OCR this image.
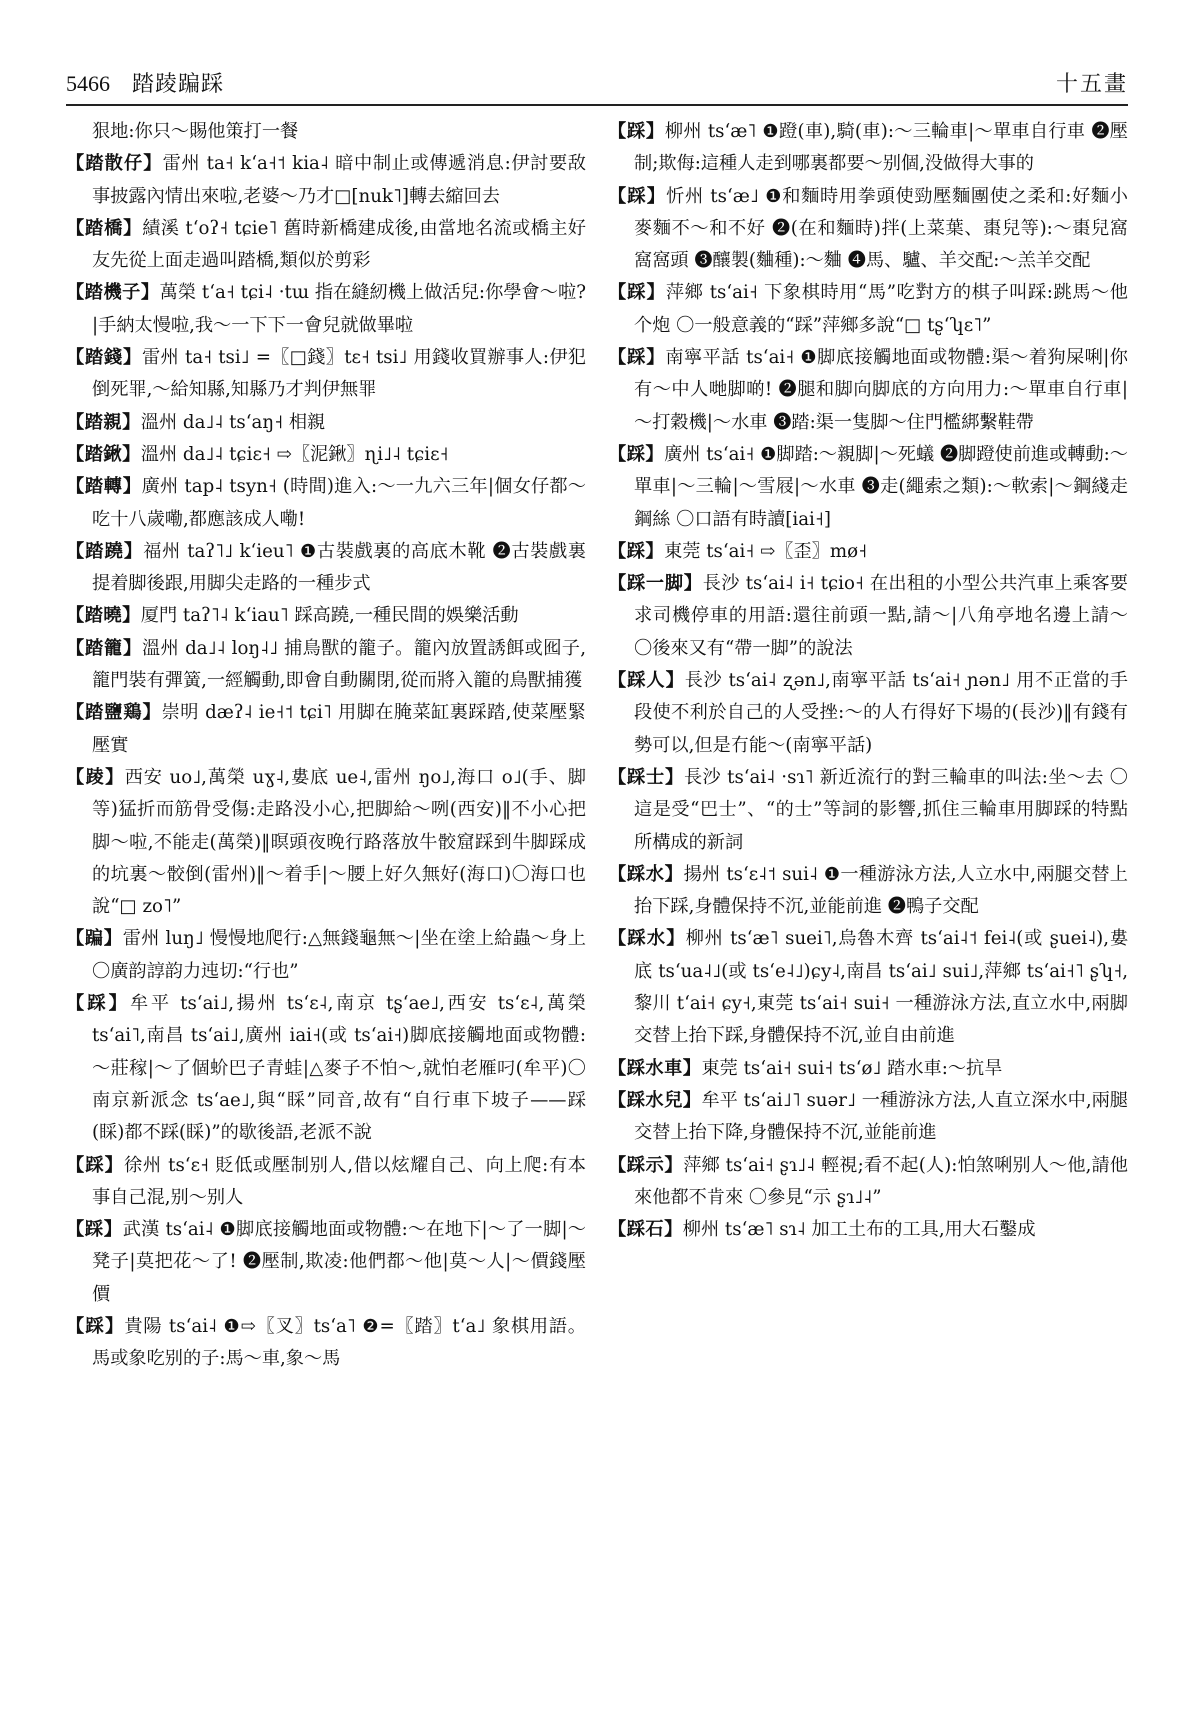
5466 踏踜蹁踩	十五畫

狠地:你只～賜他策打一餐

【踏散仔】雷州 ta˧ kʻa˧˦ kia˨ 暗中制止或傳遞消息:伊討要敌事披露內情出來啦,老婆～乃才□[nuk˥]轉去縮回去

【踏橋】績溪 tʻoʔ˧ tɕie˥ 舊時新橋建成後,由當地名流或橋主好友先從上面走過叫踏橋,類似於剪彩

【踏機子】萬榮 tʻa˧ tɕi˨ ·tɯ 指在縫紉機上做活兒:你學會～啦?|手納太慢啦,我～一下下一會兒就做畢啦

【踏錢】雷州 ta˧ tsi˩ =〖□錢〗tɛ˧ tsi˩ 用錢收買辦事人:伊犯倒死罪,～給知縣,知縣乃才判伊無罪

【踏親】溫州 da˩˨ tsʻaŋ˧ 相親

【踏鍬】溫州 da˩˨ tɕiɛ˧ ⇨〖泥鍬〗ɳi˩˨ tɕiɛ˧

【踏轉】廣州 tap˨ tsyn˧ (時間)進入:～一九六三年|個女仔都～吃十八歲嘞,都應該成人嘞!

【踏蹺】福州 taʔ˥˩ kʻieu˥ ❶古裝戲裏的高底木靴 ❷古裝戲裏提着脚後跟,用脚尖走路的一種步式

【踏曉】厦門 taʔ˥˨ kʻiau˥ 踩高蹺,一種民間的娛樂活動

【踏籠】溫州 da˩˨ loŋ˨˩ 捕鳥獸的籠子。籠內放置誘餌或囮子,籠門裝有彈簧,一經觸動,即會自動關閉,從而將入籠的鳥獸捕獲

【踏鹽鶏】崇明 dæʔ˨ ie˧˦ tɕi˥ 用脚在腌菜缸裏踩踏,使菜壓緊壓實

【踜】西安 uo˩,萬榮 uɣ˨,婁底 ue˨,雷州 ŋo˩,海口 o˩(手、脚等)猛折而筋骨受傷:走路没小心,把脚給～咧(西安)‖不小心把脚～啦,不能走(萬榮)‖暝頭夜晚行路落放牛骹窟踩到牛脚踩成的坑裏～骹倒(雷州)‖～着手|～腰上好久無好(海口)〇海口也說“□ zo˥”

【蹁】雷州 luŋ˩ 慢慢地爬行:△無錢龜無～|坐在塗上給蟲～身上 〇廣韵諄韵力迍切:“行也”

【踩】牟平 tsʻai˩,揚州 tsʻɛ˨,南京 tʂʻae˩,西安 tsʻɛ˨,萬榮 tsʻai˥,南昌 tsʻai˩,廣州 iai˧(或 tsʻai˧)脚底接觸地面或物體:～莊稼|～了個蚧巴子青蛙|△麥子不怕～,就怕老雁叼(牟平)〇南京新派念 tsʻae˩,與“睬”同音,故有“自行車下坡子——踩(睬)都不踩(睬)”的歇後語,老派不說

【踩】徐州 tsʻɛ˧ 貶低或壓制别人,借以炫耀自己、向上爬:有本事自己混,别～别人

【踩】武漢 tsʻai˨ ❶脚底接觸地面或物體:～在地下|～了一脚|～凳子|莫把花～了! ❷壓制,欺凌:他們都～他|莫～人|～價錢壓價

【踩】貴陽 tsʻai˨ ❶⇨〖叉〗tsʻa˥ ❷=〖踏〗tʻa˩ 象棋用語。馬或象吃别的子:馬～車,象～馬

【踩】柳州 tsʻæ˥ ❶蹬(車),騎(車):～三輪車|～單車自行車 ❷壓制;欺侮:這種人走到哪裏都要～别個,没做得大事的

【踩】忻州 tsʻæ˩ ❶和麵時用拳頭使勁壓麵團使之柔和:好麵小麥麵不～和不好 ❷(在和麵時)拌(上菜葉、棗兒等):～棗兒窩窩窩頭 ❸釀製(麯種):～麯 ❹馬、驢、羊交配:～羔羊交配

【踩】萍鄉 tsʻai˧ 下象棋時用“馬”吃對方的棋子叫踩:跳馬～他个炮 〇一般意義的“踩”萍鄉多說“□ tʂʻʮɛ˥”

【踩】南寧平話 tsʻai˧ ❶脚底接觸地面或物體:渠～着狗屎唎|你有～中人哋脚啲! ❷腿和脚向脚底的方向用力:～單車自行車|～打穀機|～水車 ❸踏:渠一隻脚～住門檻綁繫鞋帶

【踩】廣州 tsʻai˧ ❶脚踏:～親脚|～死蟻 ❷脚蹬使前進或轉動:～單車|～三輪|～雪屐|～水車 ❸走(繩索之類):～軟索|～鋼綫走鋼絲 〇口語有時讀[iai˧]

【踩】東莞 tsʻai˧ ⇨〖歪〗mø˧

【踩一脚】長沙 tsʻai˨ i˧ tɕio˧ 在出租的小型公共汽車上乘客要求司機停車的用語:還往前頭一點,請～|八角亭地名邊上請～ 〇後來又有“帶一脚”的說法

【踩人】長沙 tsʻai˨ ʐən˩,南寧平話 tsʻai˧ ɲən˩ 用不正當的手段使不利於自己的人受挫:～的人冇得好下場的(長沙)‖有錢有勢可以,但是冇能～(南寧平話)

【踩士】長沙 tsʻai˨ ·sɿ˥ 新近流行的對三輪車的叫法:坐～去 〇這是受“巴士”、“的士”等詞的影響,抓住三輪車用脚踩的特點所構成的新詞

【踩水】揚州 tsʻɛ˨˦ sui˨ ❶一種游泳方法,人立水中,兩腿交替上抬下踩,身體保持不沉,並能前進 ❷鴨子交配

【踩水】柳州 tsʻæ˥ suei˥,烏魯木齊 tsʻai˨˦ fei˨(或 ʂuei˨),婁底 tsʻua˨˩(或 tsʻe˨˩)ɕy˨,南昌 tsʻai˩ sui˩,萍鄉 tsʻai˧˥ ʂʮ˧,黎川 tʻai˧ ɕy˧,東莞 tsʻai˧ sui˧ 一種游泳方法,直立水中,兩脚交替上抬下踩,身體保持不沉,並自由前進

【踩水車】東莞 tsʻai˧ sui˧ tsʻø˩ 踏水車:～抗旱

【踩水兒】牟平 tsʻai˩˥ suər˩ 一種游泳方法,人直立深水中,兩腿交替上抬下降,身體保持不沉,並能前進

【踩示】萍鄉 tsʻai˧ ʂɿ˩˨ 輕視;看不起(人):怕煞唎别人～他,請他來他都不肯來 〇參見“示 ʂɿ˩˨”

【踩石】柳州 tsʻæ˥ sɿ˨ 加工土布的工具,用大石鑿成
